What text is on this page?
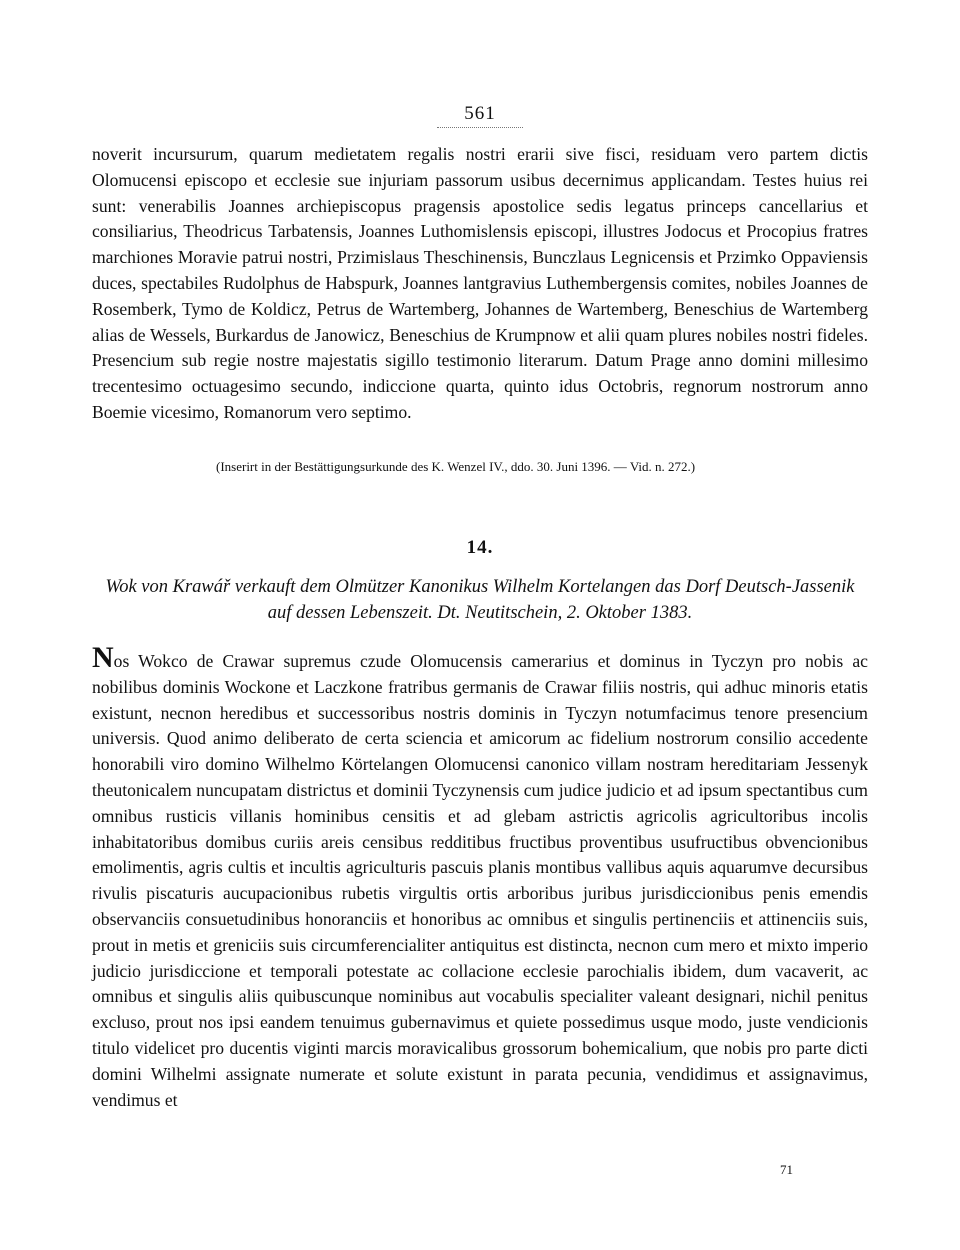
561

noverit incursurum, quarum medietatem regalis nostri erarii sive fisci, residuam vero partem dictis Olomucensi episcopo et ecclesie sue injuriam passorum usibus decernimus applicandam. Testes huius rei sunt: venerabilis Joannes archiepiscopus pragensis apostolice sedis legatus princeps cancellarius et consiliarius, Theodricus Tarbatensis, Joannes Luthomislensis episcopi, illustres Jodocus et Procopius fratres marchiones Moravie patrui nostri, Przimislaus Theschinensis, Bunczlaus Legnicensis et Przimko Oppaviensis duces, spectabiles Rudolphus de Habspurk, Joannes lantgravius Luthembergensis comites, nobiles Joannes de Rosemberk, Tymo de Koldicz, Petrus de Wartemberg, Johannes de Wartemberg, Beneschius de Wartemberg alias de Wessels, Burkardus de Janowicz, Beneschius de Krumpnow et alii quam plures nobiles nostri fideles. Presencium sub regie nostre majestatis sigillo testimonio literarum. Datum Prage anno domini millesimo trecentesimo octuagesimo secundo, indiccione quarta, quinto idus Octobris, regnorum nostrorum anno Boemie vicesimo, Romanorum vero septimo.

(Inserirt in der Bestättigungsurkunde des K. Wenzel IV., ddo. 30. Juni 1396. — Vid. n. 272.)

14.

Wok von Krawář verkauft dem Olmützer Kanonikus Wilhelm Kortelangen das Dorf Deutsch-Jassenik auf dessen Lebenszeit. Dt. Neutitschein, 2. Oktober 1383.

Nos Wokco de Crawar supremus czude Olomucensis camerarius et dominus in Tyczyn pro nobis ac nobilibus dominis Wockone et Laczkone fratribus germanis de Crawar filiis nostris, qui adhuc minoris etatis existunt, necnon heredibus et successoribus nostris dominis in Tyczyn notumfacimus tenore presencium universis. Quod animo deliberato de certa sciencia et amicorum ac fidelium nostrorum consilio accedente honorabili viro domino Wilhelmo Körtelangen Olomucensi canonico villam nostram hereditariam Jessenyk theutonicalem nuncupatam districtus et dominii Tyczynensis cum judice judicio et ad ipsum spectantibus cum omnibus rusticis villanis hominibus censitis et ad glebam astrictis agricolis agricultoribus incolis inhabitatoribus domibus curiis areis censibus redditibus fructibus proventibus usufructibus obvencionibus emolimentis, agris cultis et incultis agriculturis pascuis planis montibus vallibus aquis aquarumve decursibus rivulis piscaturis aucupacionibus rubetis virgultis ortis arboribus juribus jurisdiccionibus penis emendis observanciis consuetudinibus honoranciis et honoribus ac omnibus et singulis pertinenciis et attinenciis suis, prout in metis et greniciis suis circumferencialiter antiquitus est distincta, necnon cum mero et mixto imperio judicio jurisdiccione et temporali potestate ac collacione ecclesie parochialis ibidem, dum vacaverit, ac omnibus et singulis aliis quibuscunque nominibus aut vocabulis specialiter valeant designari, nichil penitus excluso, prout nos ipsi eandem tenuimus gubernavimus et quiete possedimus usque modo, juste vendicionis titulo videlicet pro ducentis viginti marcis moravicalibus grossorum bohemicalium, que nobis pro parte dicti domini Wilhelmi assignate numerate et solute existunt in parata pecunia, vendidimus et assignavimus, vendimus et

71
